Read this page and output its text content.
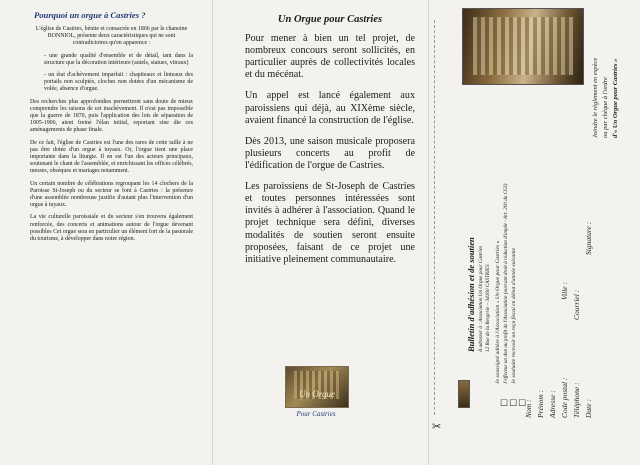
Pourquoi un orgue à Castries ?

L'église de Castries, bénite et consacrée en 1866 par le chanoine BONNIOL, présente deux caractéristiques qui ne sont contradictoires qu'en apparence :

- une grande qualité d'ensemble et de détail, tant dans la structure que la décoration intérieure (autels, statues, vitraux)

- un état d'achèvement imparfait : chapiteaux et linteaux des portails non sculptés, cloches non dotées d'un mécanisme de volée, absence d'orgue.

Des recherches plus approfondies permettront sans doute de mieux comprendre les raisons de cet inachèvement. Il n'est pas impossible que la guerre de 1870, puis l'application des lois de séparation de 1905-1906, aient freiné l'élan initial, reportant sine die ces aménagements de phase finale.

De ce fait, l'église de Castries est l'une des rares de cette taille à ne pas être dotée d'un orgue à tuyaux. Or, l'orgue tient une place importante dans la liturgie. Il en est l'un des acteurs principaux, soutenant le chant de l'assemblée, et enrichissant les offices célébrés, messes, obsèques et mariages notamment.

Un certain nombre de célébrations regroupant les 14 clochers de la Paroisse St-Joseph ou du secteur se font à Castries : la présence d'une assemblée nombreuse justifie d'autant plus l'intervention d'un orgue à tuyaux.

La vie culturelle paroissiale et du secteur s'en trouvera également renforcée, des concerts et animations autour de l'orgue devenant possibles Cet orgue sera en particulier un élément fort de la pastorale du tourisme, à développer dans notre région.

Un Orgue pour Castries

Pour mener à bien un tel projet, de nombreux concours seront sollicités, en particulier auprès de collectivités locales et du mécénat.

Un appel est lancé également aux paroissiens qui déjà, au XIXème siècle, avaient financé la construction de l'église.

Dès 2013, une saison musicale proposera plusieurs concerts au profit de l'édification de l'orgue de Castries.

Les paroissiens de St-Joseph de Castries et toutes personnes intéressées sont invités à adhérer à l'association. Quand le projet technique sera défini, diverses modalités de soutien seront ensuite proposées, faisant de ce projet une initiative pleinement communautaire.

Un Orgue
Pour Castries
Joindre le règlement en espèce ou par chèque à l'ordre d'« Un Orgue pour Castries »
Bulletin d'adhésion et de soutien À adresser à : Association Un Orgue pour Castries 12 Rue de la Bergerie – 34160 CASTRIES Je soussigné adhère à l'Association « Un Orgue pour Castries » J'effectue un don au profit de l'Association (ouvrant droit à réduction d'impôt - Art. 200 du CGI) Je souhaite recevoir un reçu fiscal en début d'année suivante
Nom : Prénom : Adresse : Code postal : Téléphone : Date :
Ville : Courriel :
Signature :
☐☐☐
✂
